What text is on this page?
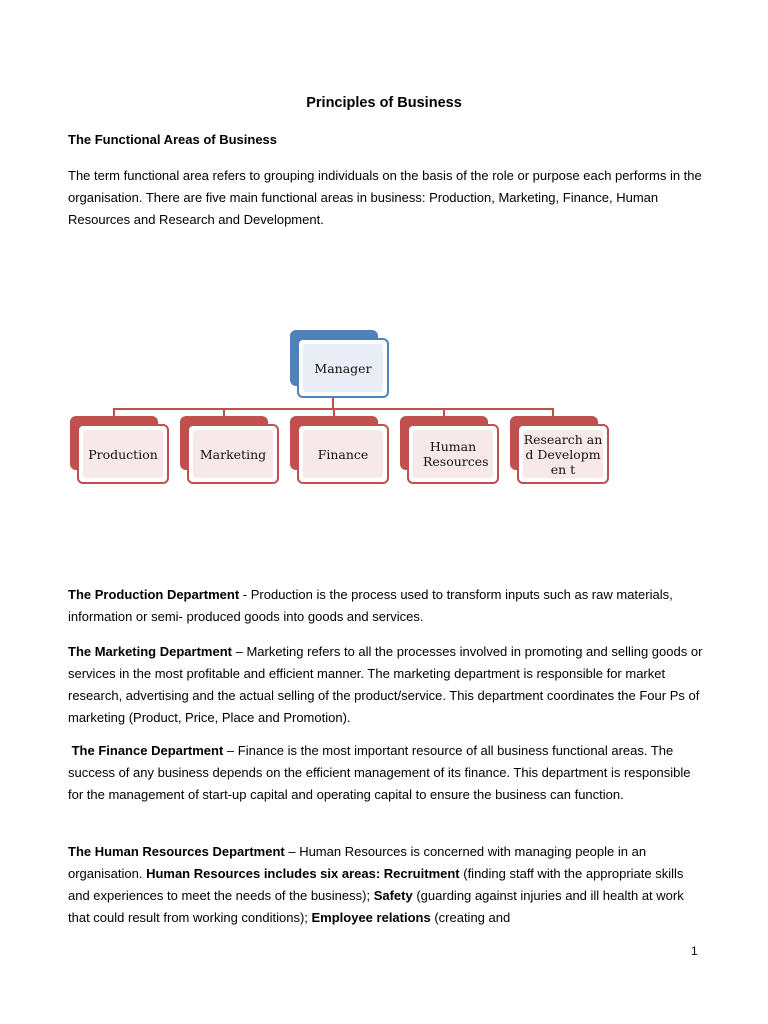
Principles of Business
The Functional Areas of Business

The term functional area refers to grouping individuals on the basis of the role or purpose each performs in the organisation. There are five main functional areas in business: Production, Marketing, Finance, Human Resources and Research and Development.

Manager
Production	Marketing	Finance	Human Resources
Research and Developmen t

The Production Department - Production is the process used to transform inputs such as raw materials, information or semi- produced goods into goods and services.

The Marketing Department – Marketing refers to all the processes involved in promoting and selling goods or services in the most profitable and efficient manner. The marketing department is responsible for market research, advertising and the actual selling of the product/service. This department coordinates the Four Ps of marketing (Product, Price, Place and Promotion).

The Finance Department – Finance is the most important resource of all business functional areas. The success of any business depends on the efficient management of its finance. This department is responsible for the management of start-up capital and operating capital to ensure the business can function.

The Human Resources Department – Human Resources is concerned with managing people in an organisation. Human Resources includes six areas: Recruitment (finding staff with the appropriate skills and experiences to meet the needs of the business); Safety (guarding against injuries and ill health at work that could result from working conditions); Employee relations (creating and

1
